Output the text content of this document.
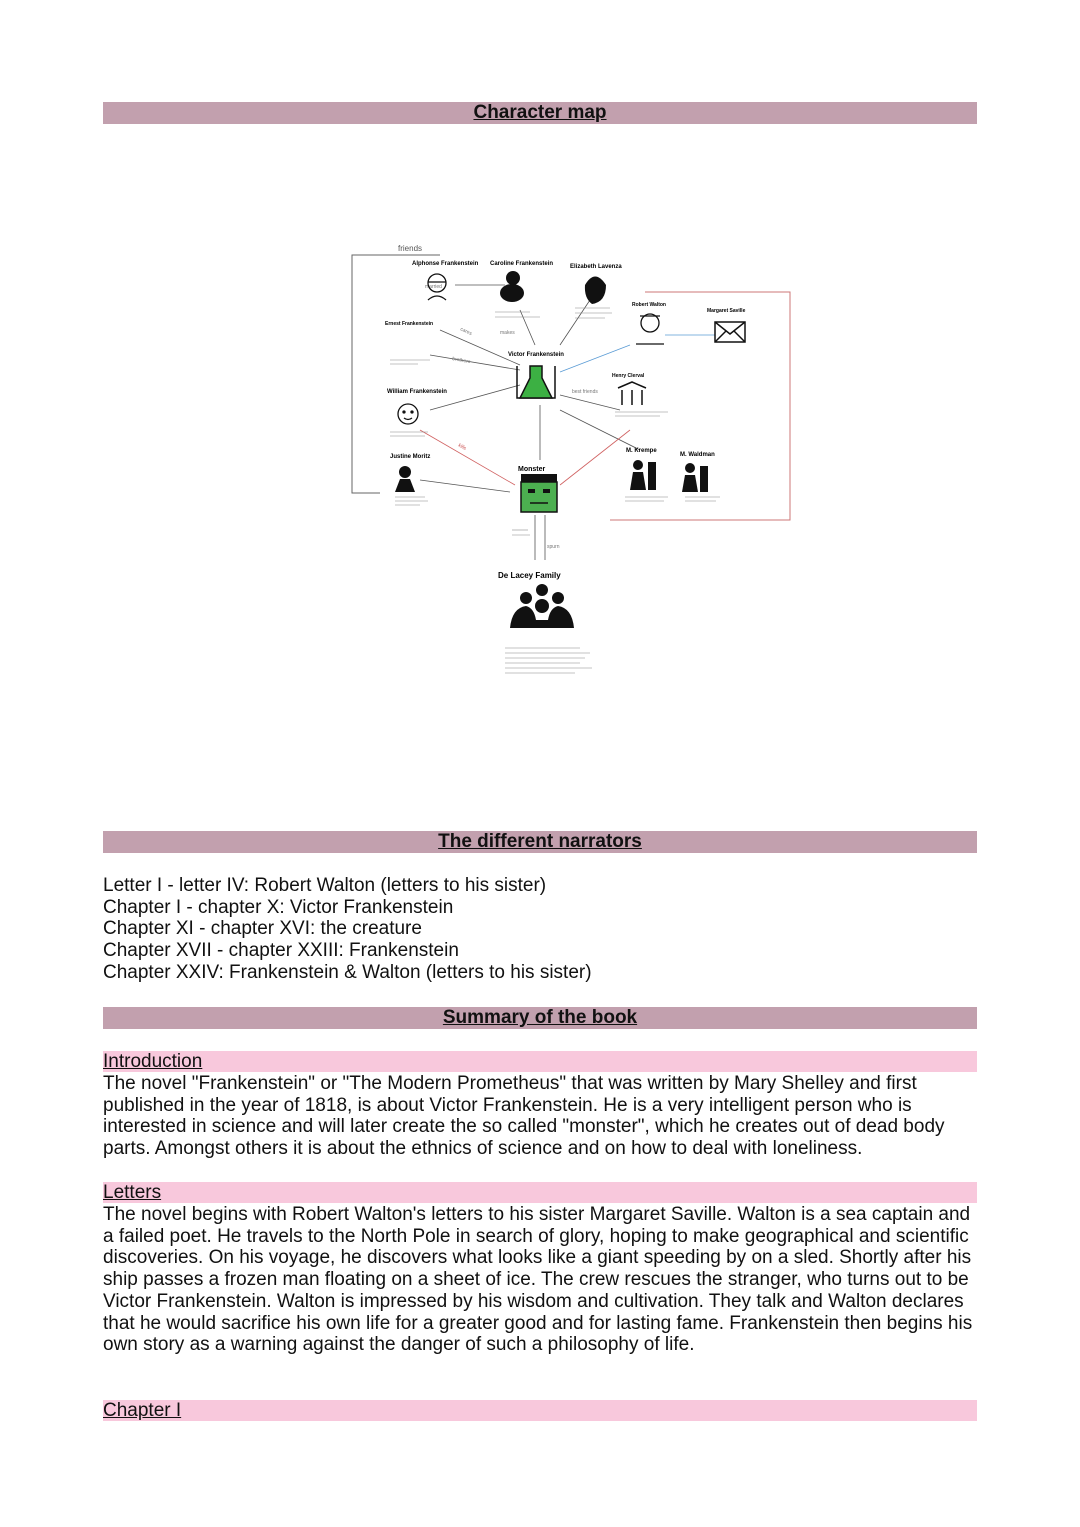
Character map
friends
married
cares
brothers
makes
best friends
kills
spurn
Alphonse Frankenstein Caroline Frankenstein	Elizabeth Lavenza
Ernest Frankenstein
William Frankenstein
Justine Moritz
Victor Frankenstein
Robert Walton
Margaret Saville
Henry Clerval
M. Krempe
M. Waldman
Monster
De Lacey Family
The different narrators
Letter I - letter IV: Robert Walton (letters to his sister)
Chapter I - chapter X: Victor Frankenstein
Chapter XI - chapter XVI: the creature
Chapter XVII - chapter XXIII: Frankenstein
Chapter XXIV: Frankenstein & Walton (letters to his sister)
Summary of the book
Introduction

The novel "Frankenstein" or "The Modern Prometheus" that was written by Mary Shelley and first published in the year of 1818, is about Victor Frankenstein. He is a very intelligent person who is interested in science and will later create the so called "monster", which he creates out of dead body parts. Amongst others it is about the ethnics of science and on how to deal with loneliness.

Letters

The novel begins with Robert Walton's letters to his sister Margaret Saville. Walton is a sea captain and a failed poet. He travels to the North Pole in search of glory, hoping to make geographical and scientific discoveries. On his voyage, he discovers what looks like a giant speeding by on a sled. Shortly after his ship passes a frozen man floating on a sheet of ice. The crew rescues the stranger, who turns out to be Victor Frankenstein. Walton is impressed by his wisdom and cultivation. They talk and Walton declares that he would sacrifice his own life for a greater good and for lasting fame. Frankenstein then begins his own story as a warning against the danger of such a philosophy of life.

Chapter I
